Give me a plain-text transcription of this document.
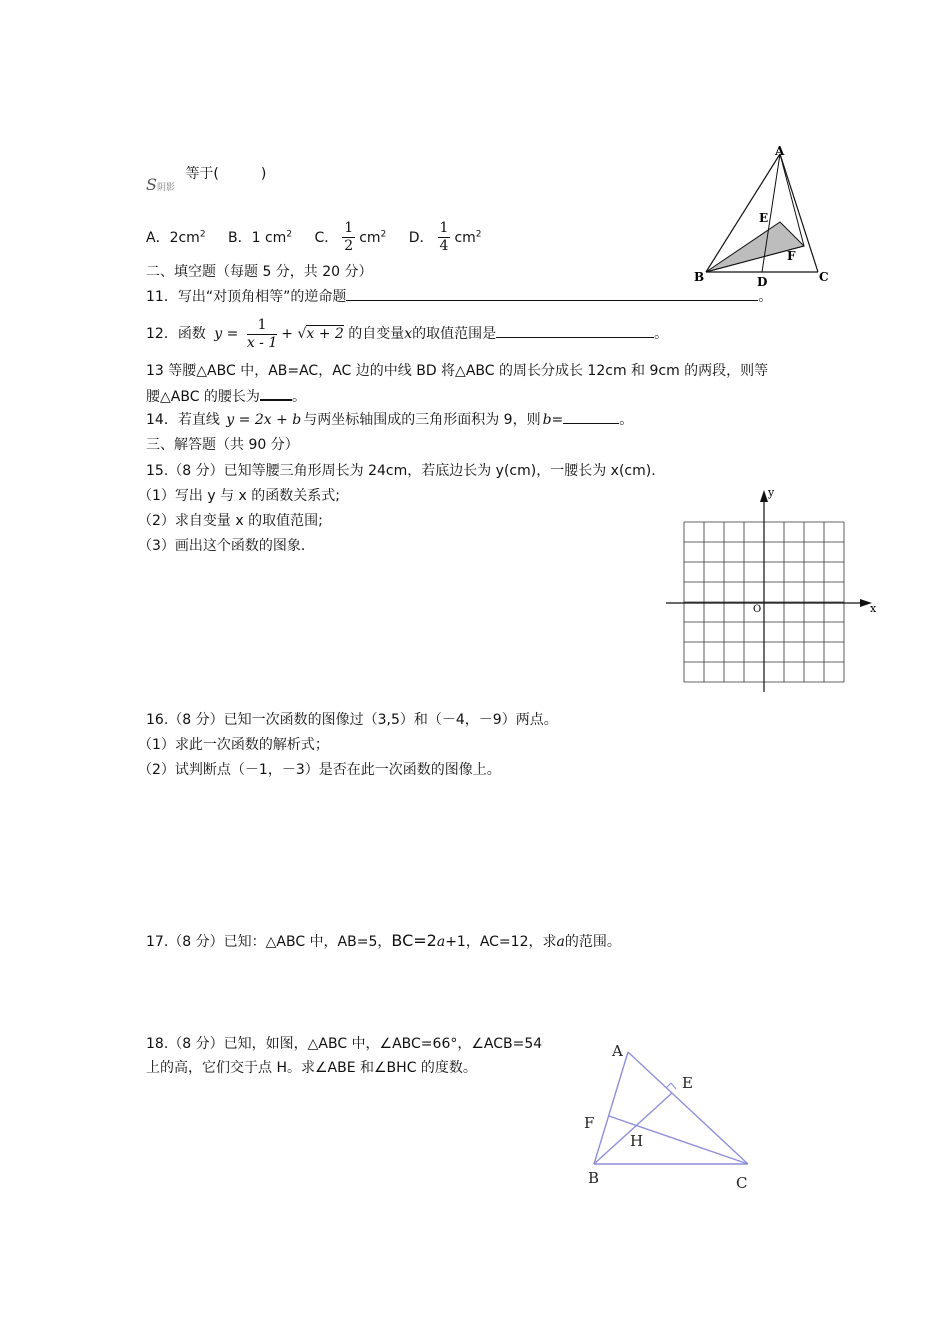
S阴影 等于(　　　)
A．$2cm^2$ B．1 $cm^2$ C． $\frac{1}{2} cm^2$ D． $\frac{1}{4} cm^2$
A
B	C
D
E
F
二、填空题（每题 5 分，共 20 分）
11．写出“对顶角相等”的逆命题	。
12．函数 $y = \frac{1}{x - 1} + √x + 2$ 的自变量x的取值范围是	。
13 等腰△ABC 中，AB=AC，AC 边的中线 BD 将△ABC 的周长分成长 12cm 和 9cm 的两段，则等
腰△ABC 的腰长为 。
14．若直线 y = 2x + b 与两坐标轴围成的三角形面积为 9，则 b=	。
三、解答题（共 90 分）
15.（8 分）已知等腰三角形周长为 24cm，若底边长为 y(cm)，一腰长为 x(cm).
（1）写出 y 与 x 的函数关系式;
（2）求自变量 x 的取值范围;
（3）画出这个函数的图象.
x
y
O
16.（8 分）已知一次函数的图像过（3,5）和（－4，－9）两点。
（1）求此一次函数的解析式；
（2）试判断点（－1，－3）是否在此一次函数的图像上。
17.（8 分）已知：△ABC 中，AB=5，BC=2a+1，AC=12，求a的范围。
18.（8 分）已知，如图，△ABC 中，∠ABC=66°，∠ACB=54
上的高，它们交于点 H。求∠ABE 和∠BHC 的度数。
A
B	C
E
F
H
